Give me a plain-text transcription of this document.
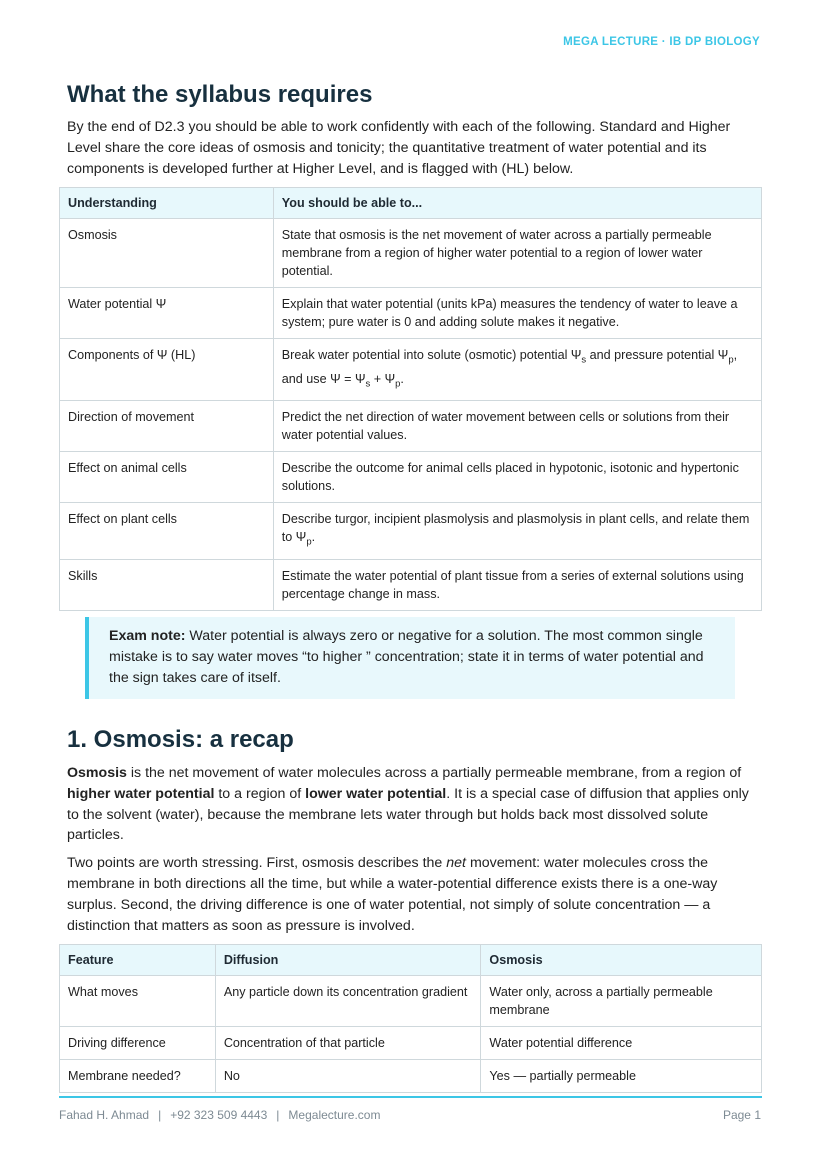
MEGA LECTURE · IB DP BIOLOGY
What the syllabus requires

By the end of D2.3 you should be able to work confidently with each of the following. Standard and Higher Level share the core ideas of osmosis and tonicity; the quantitative treatment of water potential and its components is developed further at Higher Level, and is flagged with (HL) below.

Understanding	You should be able to...
Osmosis	State that osmosis is the net movement of water across a partially permeable membrane from a region of higher water potential to a region of lower water potential.
Water potential Ψ	Explain that water potential (units kPa) measures the tendency of water to leave a system; pure water is 0 and adding solute makes it negative.
Components of Ψ (HL)	Break water potential into solute (osmotic) potential $\Psi_s$ and pressure potential $\Psi_p$, and use $\Psi = \Psi_s + \Psi_p$.
Direction of movement	Predict the net direction of water movement between cells or solutions from their water potential values.
Effect on animal cells	Describe the outcome for animal cells placed in hypotonic, isotonic and hypertonic solutions.
Effect on plant cells	Describe turgor, incipient plasmolysis and plasmolysis in plant cells, and relate them to $\Psi_p$.
Skills	Estimate the water potential of plant tissue from a series of external solutions using percentage change in mass.
Exam note: Water potential is always zero or negative for a solution. The most common single mistake is to say water moves “to higher ” concentration; state it in terms of water potential and the sign takes care of itself.
1. Osmosis: a recap

Osmosis is the net movement of water molecules across a partially permeable membrane, from a region of higher water potential to a region of lower water potential. It is a special case of diffusion that applies only to the solvent (water), because the membrane lets water through but holds back most dissolved solute particles.

Two points are worth stressing. First, osmosis describes the net movement: water molecules cross the membrane in both directions all the time, but while a water-potential difference exists there is a one-way surplus. Second, the driving difference is one of water potential, not simply of solute concentration — a distinction that matters as soon as pressure is involved.

Feature	Diffusion	Osmosis
What moves	Any particle down its concentration gradient	Water only, across a partially permeable membrane
Driving difference	Concentration of that particle	Water potential difference
Membrane needed?	No	Yes — partially permeable
Fahad H. Ahmad | +92 323 509 4443 | Megalecture.com	Page 1
